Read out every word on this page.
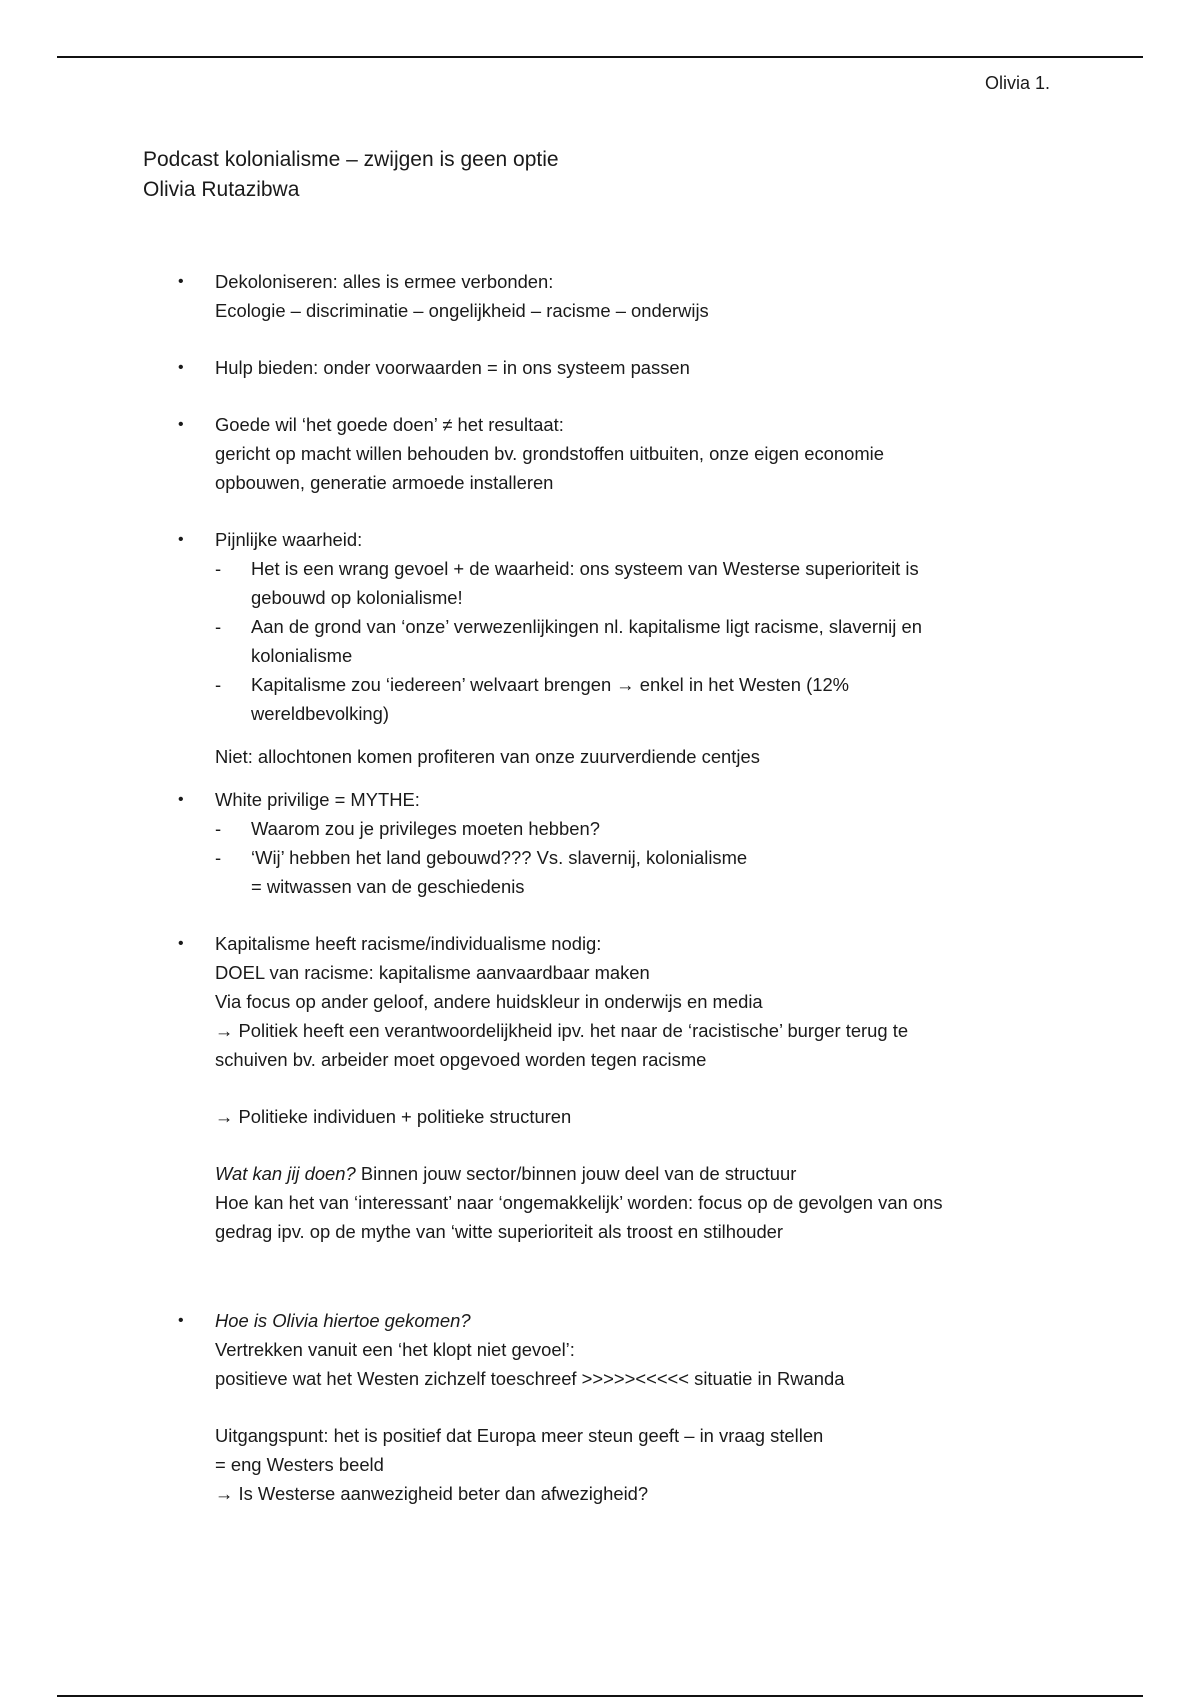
Olivia 1.
Podcast kolonialisme – zwijgen is geen optie
Olivia Rutazibwa
• Dekoloniseren: alles is ermee verbonden:
Ecologie – discriminatie – ongelijkheid – racisme – onderwijs
• Hulp bieden: onder voorwaarden = in ons systeem passen
• Goede wil ‘het goede doen’ ≠ het resultaat:
gericht op macht willen behouden bv. grondstoffen uitbuiten, onze eigen economie
opbouwen, generatie armoede installeren
• Pijnlijke waarheid:
- Het is een wrang gevoel + de waarheid: ons systeem van Westerse superioriteit is
gebouwd op kolonialisme!
- Aan de grond van ‘onze’ verwezenlijkingen nl. kapitalisme ligt racisme, slavernij en
kolonialisme
- Kapitalisme zou ‘iedereen’ welvaart brengen → enkel in het Westen (12%
wereldbevolking)
Niet: allochtonen komen profiteren van onze zuurverdiende centjes
• White privilige = MYTHE:
- Waarom zou je privileges moeten hebben?
- ‘Wij’ hebben het land gebouwd??? Vs. slavernij, kolonialisme
= witwassen van de geschiedenis
• Kapitalisme heeft racisme/individualisme nodig:
DOEL van racisme: kapitalisme aanvaardbaar maken
Via focus op ander geloof, andere huidskleur in onderwijs en media
→ Politiek heeft een verantwoordelijkheid ipv. het naar de ‘racistische’ burger terug te
schuiven bv. arbeider moet opgevoed worden tegen racisme
→ Politieke individuen + politieke structuren
Wat kan jij doen? Binnen jouw sector/binnen jouw deel van de structuur
Hoe kan het van ‘interessant’ naar ‘ongemakkelijk’ worden: focus op de gevolgen van ons
gedrag ipv. op de mythe van ‘witte superioriteit als troost en stilhouder
• Hoe is Olivia hiertoe gekomen?
Vertrekken vanuit een ‘het klopt niet gevoel’:
positieve wat het Westen zichzelf toeschreef >>>>><<<<< situatie in Rwanda
Uitgangspunt: het is positief dat Europa meer steun geeft – in vraag stellen
= eng Westers beeld
→ Is Westerse aanwezigheid beter dan afwezigheid?
